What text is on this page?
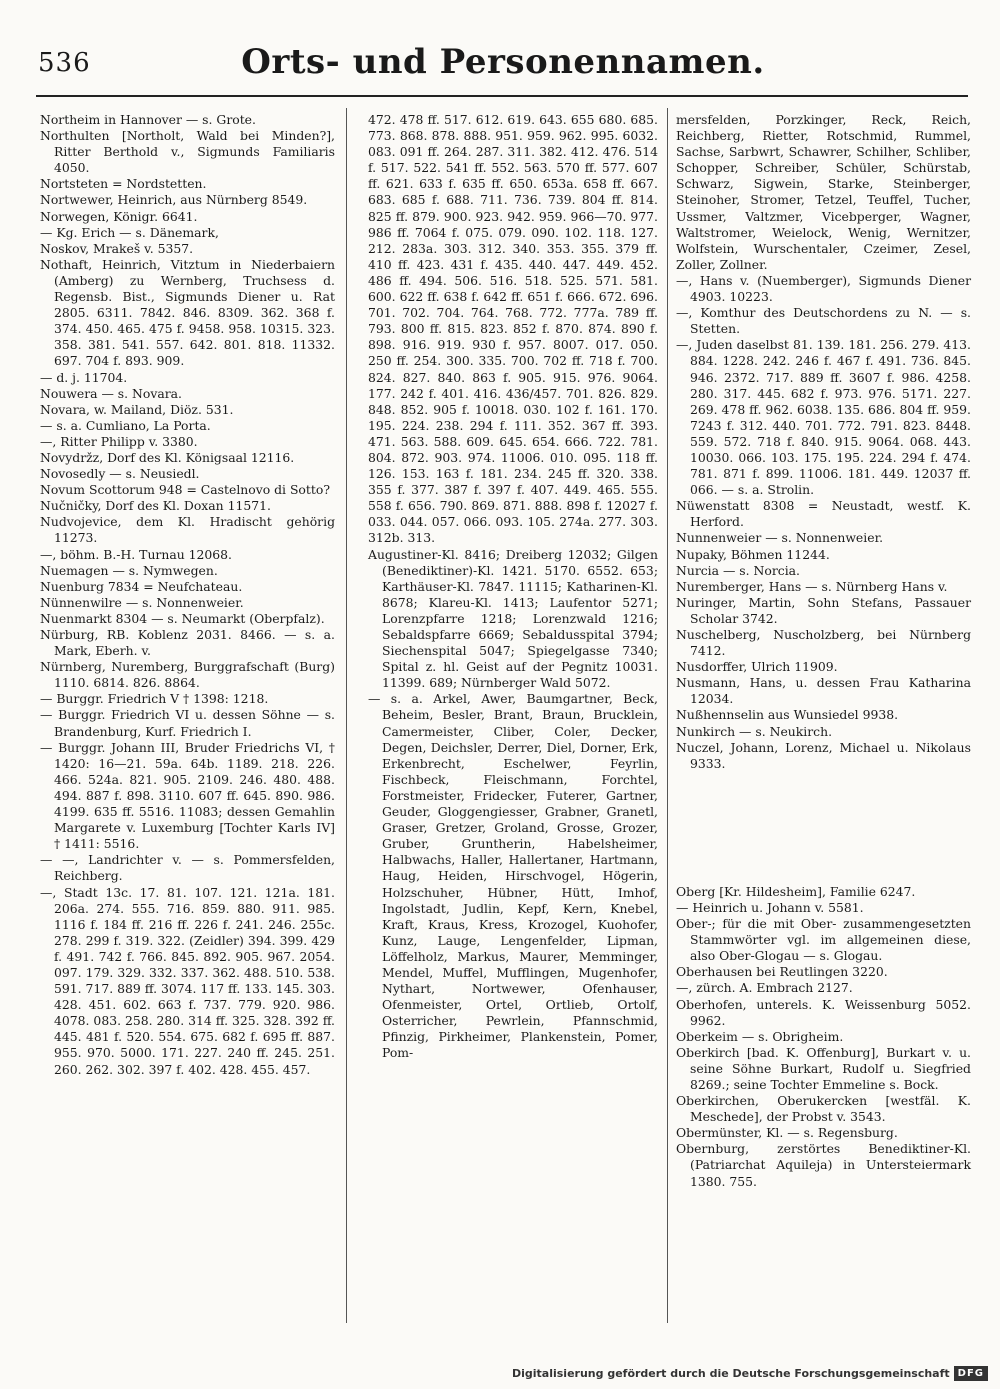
536	Orts- und Personennamen.

Northeim in Hannover — s. Grote.

Northulten [Northolt, Wald bei Minden?], Ritter Berthold v., Sigmunds Familiaris 4050.

Nortsteten = Nordstetten.

Nortwewer, Heinrich, aus Nürnberg 8549.

Norwegen, Königr. 6641.

— Kg. Erich — s. Dänemark,

Noskov, Mrakeš v. 5357.

Nothaft, Heinrich, Vitztum in Niederbaiern (Amberg) zu Wernberg, Truchsess d. Regensb. Bist., Sigmunds Diener u. Rat 2805. 6311. 7842. 846. 8309. 362. 368 f. 374. 450. 465. 475 f. 9458. 958. 10315. 323. 358. 381. 541. 557. 642. 801. 818. 11332. 697. 704 f. 893. 909.

— d. j. 11704.

Nouwera — s. Novara.

Novara, w. Mailand, Diöz. 531.

— s. a. Cumliano, La Porta.

—, Ritter Philipp v. 3380.

Novydržz, Dorf des Kl. Königsaal 12116.

Novosedly — s. Neusiedl.

Novum Scottorum 948 = Castelnovo di Sotto?

Nučničky, Dorf des Kl. Doxan 11571.

Nudvojevice, dem Kl. Hradischt gehörig 11273.

—, böhm. B.-H. Turnau 12068.

Nuemagen — s. Nymwegen.

Nuenburg 7834 = Neufchateau.

Nünnenwilre — s. Nonnenweier.

Nuenmarkt 8304 — s. Neumarkt (Oberpfalz).

Nürburg, RB. Koblenz 2031. 8466. — s. a. Mark, Eberh. v.

Nürnberg, Nuremberg, Burggrafschaft (Burg) 1110. 6814. 826. 8864.

— Burggr. Friedrich V † 1398: 1218.

— Burggr. Friedrich VI u. dessen Söhne — s. Brandenburg, Kurf. Friedrich I.

— Burggr. Johann III, Bruder Friedrichs VI, † 1420: 16—21. 59a. 64b. 1189. 218. 226. 466. 524a. 821. 905. 2109. 246. 480. 488. 494. 887 f. 898. 3110. 607 ff. 645. 890. 986. 4199. 635 ff. 5516. 11083; dessen Gemahlin Margarete v. Luxemburg [Tochter Karls IV] † 1411: 5516.

— —, Landrichter v. — s. Pommersfelden, Reichberg.

—, Stadt 13c. 17. 81. 107. 121. 121a. 181. 206a. 274. 555. 716. 859. 880. 911. 985. 1116 f. 184 ff. 216 ff. 226 f. 241. 246. 255c. 278. 299 f. 319. 322. (Zeidler) 394. 399. 429 f. 491. 742 f. 766. 845. 892. 905. 967. 2054. 097. 179. 329. 332. 337. 362. 488. 510. 538. 591. 717. 889 ff. 3074. 117 ff. 133. 145. 303. 428. 451. 602. 663 f. 737. 779. 920. 986. 4078. 083. 258. 280. 314 ff. 325. 328. 392 ff. 445. 481 f. 520. 554. 675. 682 f. 695 ff. 887. 955. 970. 5000. 171. 227. 240 ff. 245. 251. 260. 262. 302. 397 f. 402. 428. 455. 457.

472. 478 ff. 517. 612. 619. 643. 655 680. 685. 773. 868. 878. 888. 951. 959. 962. 995. 6032. 083. 091 ff. 264. 287. 311. 382. 412. 476. 514 f. 517. 522. 541 ff. 552. 563. 570 ff. 577. 607 ff. 621. 633 f. 635 ff. 650. 653a. 658 ff. 667. 683. 685 f. 688. 711. 736. 739. 804 ff. 814. 825 ff. 879. 900. 923. 942. 959. 966—70. 977. 986 ff. 7064 f. 075. 079. 090. 102. 118. 127. 212. 283a. 303. 312. 340. 353. 355. 379 ff. 410 ff. 423. 431 f. 435. 440. 447. 449. 452. 486 ff. 494. 506. 516. 518. 525. 571. 581. 600. 622 ff. 638 f. 642 ff. 651 f. 666. 672. 696. 701. 702. 704. 764. 768. 772. 777a. 789 ff. 793. 800 ff. 815. 823. 852 f. 870. 874. 890 f. 898. 916. 919. 930 f. 957. 8007. 017. 050. 250 ff. 254. 300. 335. 700. 702 ff. 718 f. 700. 824. 827. 840. 863 f. 905. 915. 976. 9064. 177. 242 f. 401. 416. 436/457. 701. 826. 829. 848. 852. 905 f. 10018. 030. 102 f. 161. 170. 195. 224. 238. 294 f. 111. 352. 367 ff. 393. 471. 563. 588. 609. 645. 654. 666. 722. 781. 804. 872. 903. 974. 11006. 010. 095. 118 ff. 126. 153. 163 f. 181. 234. 245 ff. 320. 338. 355 f. 377. 387 f. 397 f. 407. 449. 465. 555. 558 f. 656. 790. 869. 871. 888. 898 f. 12027 f. 033. 044. 057. 066. 093. 105. 274a. 277. 303. 312b. 313.

Augustiner-Kl. 8416; Dreiberg 12032; Gilgen (Benediktiner)-Kl. 1421. 5170. 6552. 653; Karthäuser-Kl. 7847. 11115; Katharinen-Kl. 8678; Klareu-Kl. 1413; Laufentor 5271; Lorenzpfarre 1218; Lorenzwald 1216; Sebaldspfarre 6669; Sebaldusspital 3794; Siechenspital 5047; Spiegelgasse 7340; Spital z. hl. Geist auf der Pegnitz 10031. 11399. 689; Nürnberger Wald 5072.

— s. a. Arkel, Awer, Baumgartner, Beck, Beheim, Besler, Brant, Braun, Brucklein, Camermeister, Cliber, Coler, Decker, Degen, Deichsler, Derrer, Diel, Dorner, Erk, Erkenbrecht, Eschelwer, Feyrlin, Fischbeck, Fleischmann, Forchtel, Forstmeister, Fridecker, Futerer, Gartner, Geuder, Gloggengiesser, Grabner, Granetl, Graser, Gretzer, Groland, Grosse, Grozer, Gruber, Gruntherin, Habelsheimer, Halbwachs, Haller, Hallertaner, Hartmann, Haug, Heiden, Hirschvogel, Högerin, Holzschuher, Hübner, Hütt, Imhof, Ingolstadt, Judlin, Kepf, Kern, Knebel, Kraft, Kraus, Kress, Krozogel, Kuohofer, Kunz, Lauge, Lengenfelder, Lipman, Löffelholz, Markus, Maurer, Memminger, Mendel, Muffel, Mufflingen, Mugenhofer, Nythart, Nortwewer, Ofenhauser, Ofenmeister, Ortel, Ortlieb, Ortolf, Osterricher, Pewrlein, Pfannschmid, Pfinzig, Pirkheimer, Plankenstein, Pomer, Pom-

mersfelden, Porzkinger, Reck, Reich, Reichberg, Rietter, Rotschmid, Rummel, Sachse, Sarbwrt, Schawrer, Schilher, Schliber, Schopper, Schreiber, Schüler, Schürstab, Schwarz, Sigwein, Starke, Steinberger, Steinoher, Stromer, Tetzel, Teuffel, Tucher, Ussmer, Valtzmer, Vicebperger, Wagner, Waltstromer, Weielock, Wenig, Wernitzer, Wolfstein, Wurschentaler, Czeimer, Zesel, Zoller, Zollner.

—, Hans v. (Nuemberger), Sigmunds Diener 4903. 10223.

—, Komthur des Deutschordens zu N. — s. Stetten.

—, Juden daselbst 81. 139. 181. 256. 279. 413. 884. 1228. 242. 246 f. 467 f. 491. 736. 845. 946. 2372. 717. 889 ff. 3607 f. 986. 4258. 280. 317. 445. 682 f. 973. 976. 5171. 227. 269. 478 ff. 962. 6038. 135. 686. 804 ff. 959. 7243 f. 312. 440. 701. 772. 791. 823. 8448. 559. 572. 718 f. 840. 915. 9064. 068. 443. 10030. 066. 103. 175. 195. 224. 294 f. 474. 781. 871 f. 899. 11006. 181. 449. 12037 ff. 066. — s. a. Strolin.

Nüwenstatt 8308 = Neustadt, westf. K. Herford.

Nunnenweier — s. Nonnenweier.

Nupaky, Böhmen 11244.

Nurcia — s. Norcia.

Nuremberger, Hans — s. Nürnberg Hans v.

Nuringer, Martin, Sohn Stefans, Passauer Scholar 3742.

Nuschelberg, Nuscholzberg, bei Nürnberg 7412.

Nusdorffer, Ulrich 11909.

Nusmann, Hans, u. dessen Frau Katharina 12034.

Nußhennselin aus Wunsiedel 9938.

Nunkirch — s. Neukirch.

Nuczel, Johann, Lorenz, Michael u. Nikolaus 9333.

Oberg [Kr. Hildesheim], Familie 6247.

— Heinrich u. Johann v. 5581.

Ober-; für die mit Ober- zusammengesetzten Stammwörter vgl. im allgemeinen diese, also Ober-Glogau — s. Glogau.

Oberhausen bei Reutlingen 3220.

—, zürch. A. Embrach 2127.

Oberhofen, unterels. K. Weissenburg 5052. 9962.

Oberkeim — s. Obrigheim.

Oberkirch [bad. K. Offenburg], Burkart v. u. seine Söhne Burkart, Rudolf u. Siegfried 8269.; seine Tochter Emmeline s. Bock.

Oberkirchen, Oberukercken [westfäl. K. Meschede], der Probst v. 3543.

Obermünster, Kl. — s. Regensburg.

Obernburg, zerstörtes Benediktiner-Kl. (Patriarchat Aquileja) in Untersteiermark 1380. 755.

Digitalisierung gefördert durch die Deutsche Forschungsgemeinschaft DFG
